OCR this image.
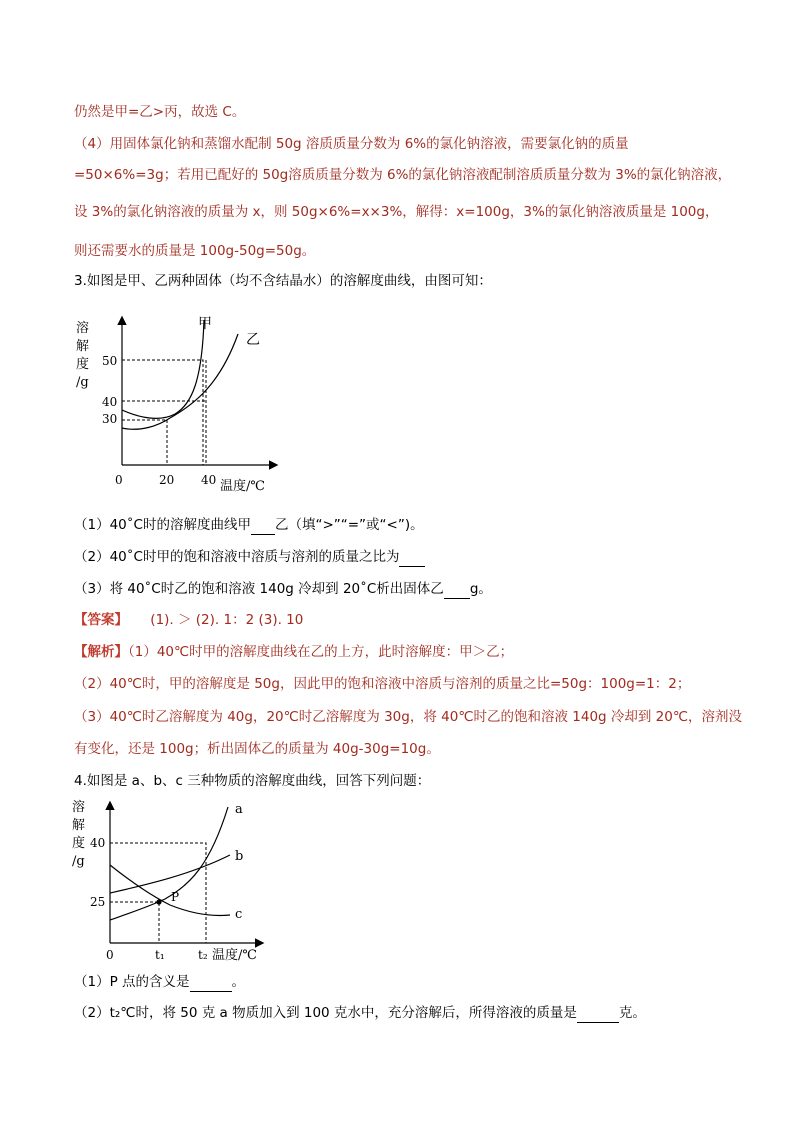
仍然是甲=乙>丙，故选 C。
（4）用固体氯化钠和蒸馏水配制 50g 溶质质量分数为 6%的氯化钠溶液，需要氯化钠的质量
=50×6%=3g；若用已配好的 50g溶质质量分数为 6%的氯化钠溶液配制溶质质量分数为 3%的氯化钠溶液，
设 3%的氯化钠溶液的质量为 x，则 50g×6%=x×3%，解得：x=100g，3%的氯化钠溶液质量是 100g，
则还需要水的质量是 100g-50g=50g。
3.如图是甲、乙两种固体（均不含结晶水）的溶解度曲线，由图可知：
溶
解
度
/g
50
40
30
0	20 40 温度/℃
甲
乙
（1）40˚C时的溶解度曲线甲 乙（填“>”“=”或“<”)。
（2）40˚C时甲的饱和溶液中溶质与溶剂的质量之比为
（3）将 40˚C时乙的饱和溶液 140g 冷却到 20˚C析出固体乙 g。
【答案】 (1). ＞ (2). 1：2 (3). 10
【解析】（1）40℃时甲的溶解度曲线在乙的上方，此时溶解度：甲＞乙；
（2）40℃时，甲的溶解度是 50g，因此甲的饱和溶液中溶质与溶剂的质量之比=50g：100g=1：2；
（3）40℃时乙溶解度为 40g，20℃时乙溶解度为 30g，将 40℃时乙的饱和溶液 140g 冷却到 20℃，溶剂没
有变化，还是 100g；析出固体乙的质量为 40g-30g=10g。
4.如图是 a、b、c 三种物质的溶解度曲线，回答下列问题：
溶
解
度
/g
40
25
0	t₁	t₂ 温度/℃
P
a
b
c
（1）P 点的含义是	。
（2）t₂℃时，将 50 克 a 物质加入到 100 克水中，充分溶解后，所得溶液的质量是	克。
